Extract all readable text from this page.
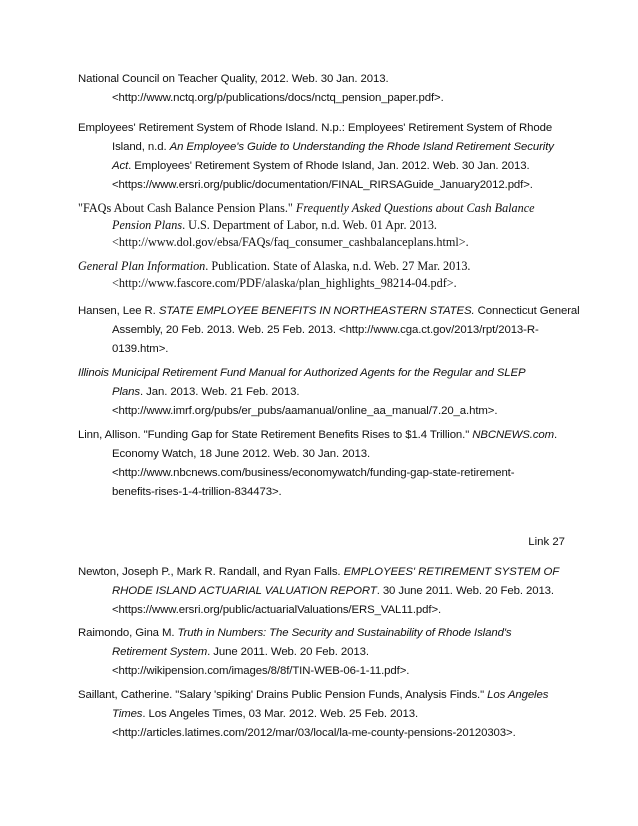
National Council on Teacher Quality, 2012. Web. 30 Jan. 2013.
<http://www.nctq.org/p/publications/docs/nctq_pension_paper.pdf>.
Employees' Retirement System of Rhode Island. N.p.: Employees' Retirement System of Rhode
Island, n.d. An Employee's Guide to Understanding the Rhode Island Retirement Security
Act. Employees' Retirement System of Rhode Island, Jan. 2012. Web. 30 Jan. 2013.
<https://www.ersri.org/public/documentation/FINAL_RIRSAGuide_January2012.pdf>.
"FAQs About Cash Balance Pension Plans." Frequently Asked Questions about Cash Balance
Pension Plans. U.S. Department of Labor, n.d. Web. 01 Apr. 2013.
<http://www.dol.gov/ebsa/FAQs/faq_consumer_cashbalanceplans.html>.
General Plan Information. Publication. State of Alaska, n.d. Web. 27 Mar. 2013.
<http://www.fascore.com/PDF/alaska/plan_highlights_98214-04.pdf>.
Hansen, Lee R. STATE EMPLOYEE BENEFITS IN NORTHEASTERN STATES. Connecticut General
Assembly, 20 Feb. 2013. Web. 25 Feb. 2013. <http://www.cga.ct.gov/2013/rpt/2013-R-
0139.htm>.
Illinois Municipal Retirement Fund Manual for Authorized Agents for the Regular and SLEP
Plans. Jan. 2013. Web. 21 Feb. 2013.
<http://www.imrf.org/pubs/er_pubs/aamanual/online_aa_manual/7.20_a.htm>.
Linn, Allison. "Funding Gap for State Retirement Benefits Rises to $1.4 Trillion." NBCNEWS.com.
Economy Watch, 18 June 2012. Web. 30 Jan. 2013.
<http://www.nbcnews.com/business/economywatch/funding-gap-state-retirement-
benefits-rises-1-4-trillion-834473>.
Link 27
Newton, Joseph P., Mark R. Randall, and Ryan Falls. EMPLOYEES' RETIREMENT SYSTEM OF
RHODE ISLAND ACTUARIAL VALUATION REPORT. 30 June 2011. Web. 20 Feb. 2013.
<https://www.ersri.org/public/actuarialValuations/ERS_VAL11.pdf>.
Raimondo, Gina M. Truth in Numbers: The Security and Sustainability of Rhode Island's
Retirement System. June 2011. Web. 20 Feb. 2013.
<http://wikipension.com/images/8/8f/TIN-WEB-06-1-11.pdf>.
Saillant, Catherine. "Salary 'spiking' Drains Public Pension Funds, Analysis Finds." Los Angeles
Times. Los Angeles Times, 03 Mar. 2012. Web. 25 Feb. 2013.
<http://articles.latimes.com/2012/mar/03/local/la-me-county-pensions-20120303>.
